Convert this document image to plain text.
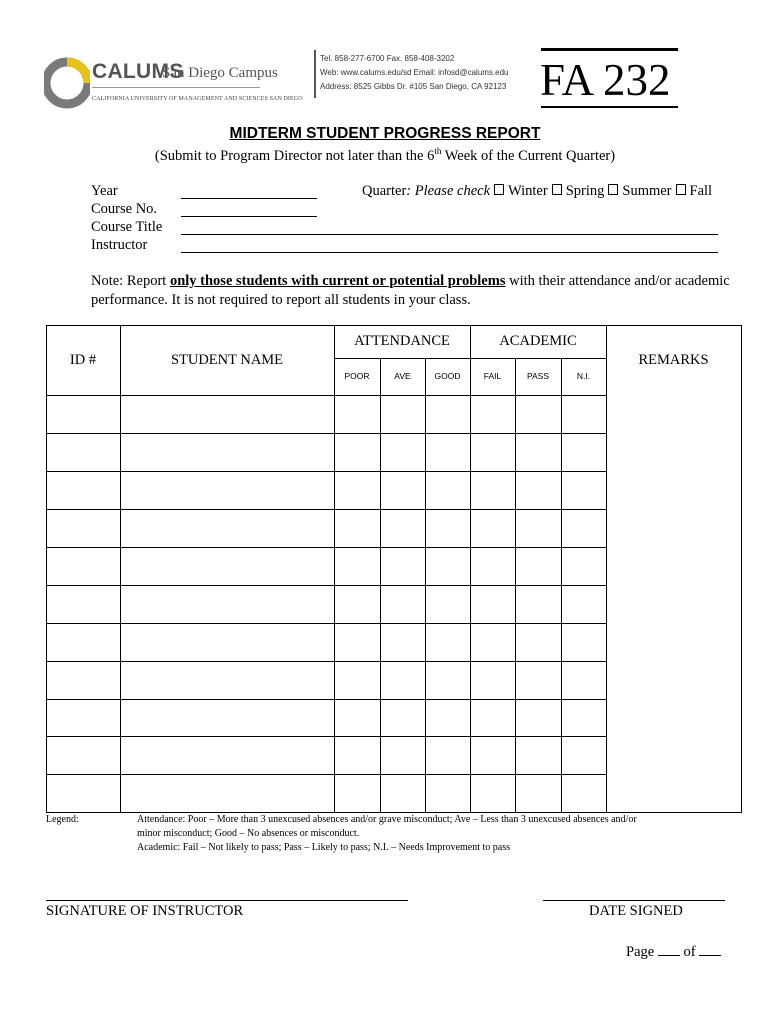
CALUMS
San Diego Campus
CALIFORNIA UNIVERSITY OF MANAGEMENT AND SCIENCES SAN DIEGO
Tel. 858-277-6700 Fax. 858-408-3202
Web: www.calums.edu/sd Email: infosd@calums.edu
Address: 8525 Gibbs Dr. #105 San Diego, CA 92123 FA 232
MIDTERM STUDENT PROGRESS REPORT
(Submit to Program Director not later than the 6th Week of the Current Quarter)
Year
Course No.
Course Title
Instructor
Quarter: Please check Winter Spring Summer Fall
Note: Report only those students with current or potential problems with their attendance and/or academic performance. It is not required to report all students in your class.
ID #	STUDENT NAME
ATTENDANCE	ACADEMIC
REMARKS
POOR	AVE	GOOD	FAIL	PASS	N.I.
Legend:	Attendance: Poor – More than 3 unexcused absences and/or grave misconduct; Ave – Less than 3 unexcused absences and/or
minor misconduct; Good – No absences or misconduct.
Academic: Fail – Not likely to pass; Pass – Likely to pass; N.I. – Needs Improvement to pass
SIGNATURE OF INSTRUCTOR	DATE SIGNED
Page of
